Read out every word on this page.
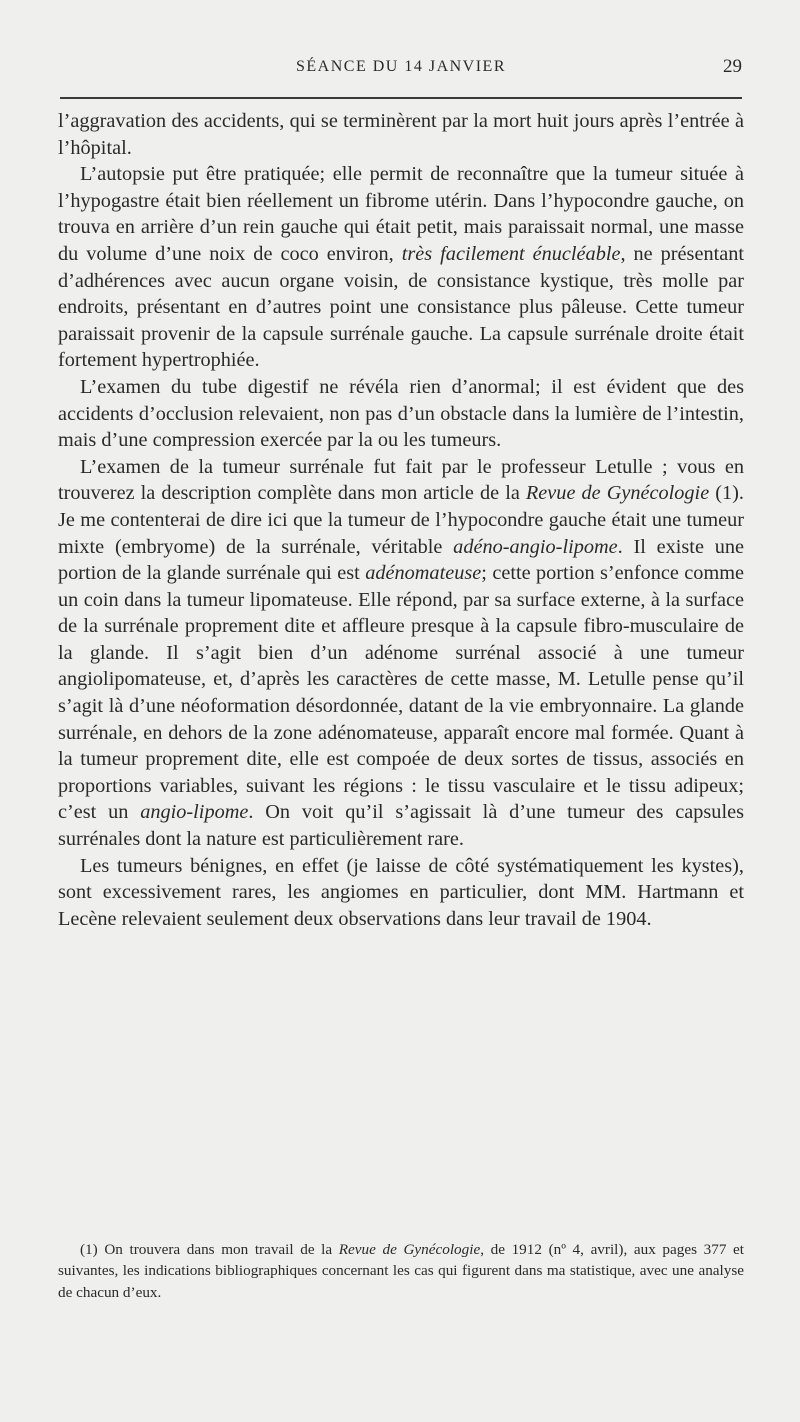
SÉANCE DU 14 JANVIER	29

l’aggravation des accidents, qui se terminèrent par la mort huit jours après l’entrée à l’hôpital.

L’autopsie put être pratiquée; elle permit de reconnaître que la tumeur située à l’hypogastre était bien réellement un fibrome utérin. Dans l’hypocondre gauche, on trouva en arrière d’un rein gauche qui était petit, mais paraissait normal, une masse du volume d’une noix de coco environ, très facilement énucléable, ne présentant d’adhérences avec aucun organe voisin, de consistance kystique, très molle par endroits, présentant en d’autres point une consistance plus pâleuse. Cette tumeur paraissait provenir de la capsule surrénale gauche. La capsule surrénale droite était fortement hypertrophiée.

L’examen du tube digestif ne révéla rien d’anormal; il est évident que des accidents d’occlusion relevaient, non pas d’un obstacle dans la lumière de l’intestin, mais d’une compression exercée par la ou les tumeurs.

L’examen de la tumeur surrénale fut fait par le professeur Letulle ; vous en trouverez la description complète dans mon article de la Revue de Gynécologie (1). Je me contenterai de dire ici que la tumeur de l’hypocondre gauche était une tumeur mixte (embryome) de la surrénale, véritable adéno-angio-lipome. Il existe une portion de la glande surrénale qui est adénomateuse; cette portion s’enfonce comme un coin dans la tumeur lipomateuse. Elle répond, par sa surface externe, à la surface de la surrénale proprement dite et affleure presque à la capsule fibro-musculaire de la glande. Il s’agit bien d’un adénome surrénal associé à une tumeur angiolipomateuse, et, d’après les caractères de cette masse, M. Letulle pense qu’il s’agit là d’une néoformation désordonnée, datant de la vie embryonnaire. La glande surrénale, en dehors de la zone adénomateuse, apparaît encore mal formée. Quant à la tumeur proprement dite, elle est compoée de deux sortes de tissus, associés en proportions variables, suivant les régions : le tissu vasculaire et le tissu adipeux; c’est un angio-lipome. On voit qu’il s’agissait là d’une tumeur des capsules surrénales dont la nature est particulièrement rare.

Les tumeurs bénignes, en effet (je laisse de côté systématiquement les kystes), sont excessivement rares, les angiomes en particulier, dont MM. Hartmann et Lecène relevaient seulement deux observations dans leur travail de 1904.

(1) On trouvera dans mon travail de la Revue de Gynécologie, de 1912 (nº 4, avril), aux pages 377 et suivantes, les indications bibliographiques concernant les cas qui figurent dans ma statistique, avec une analyse de chacun d’eux.
